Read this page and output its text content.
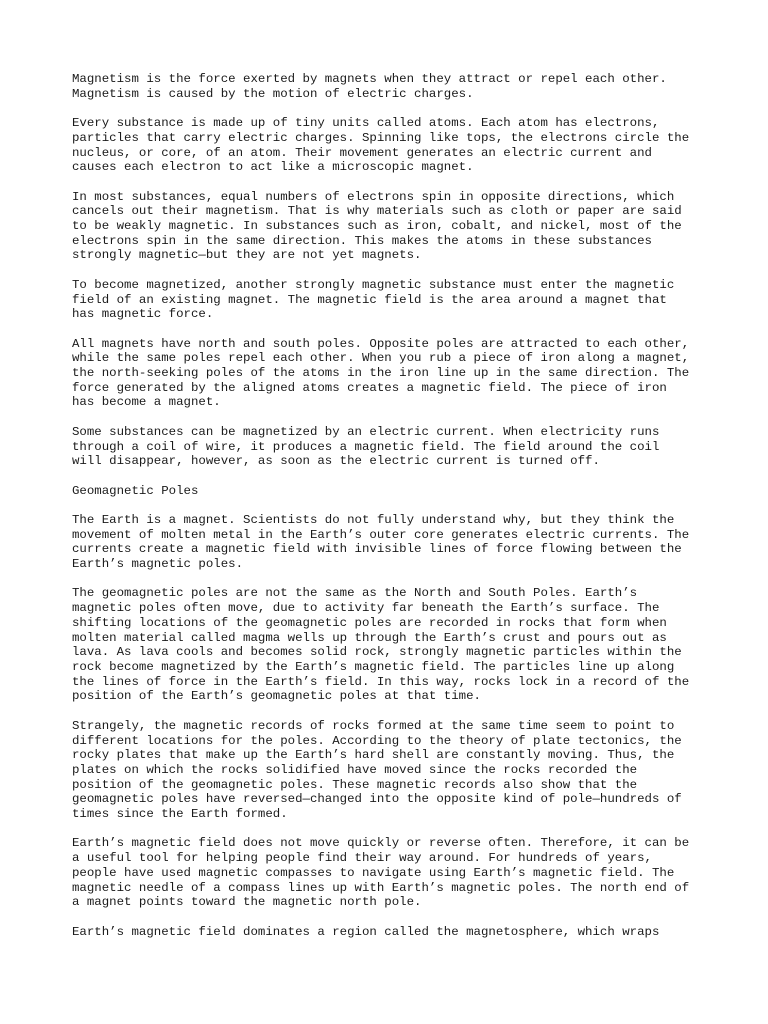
Magnetism is the force exerted by magnets when they attract or repel each other.
Magnetism is caused by the motion of electric charges.

Every substance is made up of tiny units called atoms. Each atom has electrons,
particles that carry electric charges. Spinning like tops, the electrons circle the
nucleus, or core, of an atom. Their movement generates an electric current and
causes each electron to act like a microscopic magnet.

In most substances, equal numbers of electrons spin in opposite directions, which
cancels out their magnetism. That is why materials such as cloth or paper are said
to be weakly magnetic. In substances such as iron, cobalt, and nickel, most of the
electrons spin in the same direction. This makes the atoms in these substances
strongly magnetic—but they are not yet magnets.

To become magnetized, another strongly magnetic substance must enter the magnetic
field of an existing magnet. The magnetic field is the area around a magnet that
has magnetic force.

All magnets have north and south poles. Opposite poles are attracted to each other,
while the same poles repel each other. When you rub a piece of iron along a magnet,
the north-seeking poles of the atoms in the iron line up in the same direction. The
force generated by the aligned atoms creates a magnetic field. The piece of iron
has become a magnet.

Some substances can be magnetized by an electric current. When electricity runs
through a coil of wire, it produces a magnetic field. The field around the coil
will disappear, however, as soon as the electric current is turned off.

Geomagnetic Poles

The Earth is a magnet. Scientists do not fully understand why, but they think the
movement of molten metal in the Earth’s outer core generates electric currents. The
currents create a magnetic field with invisible lines of force flowing between the
Earth’s magnetic poles.

The geomagnetic poles are not the same as the North and South Poles. Earth’s
magnetic poles often move, due to activity far beneath the Earth’s surface. The
shifting locations of the geomagnetic poles are recorded in rocks that form when
molten material called magma wells up through the Earth’s crust and pours out as
lava. As lava cools and becomes solid rock, strongly magnetic particles within the
rock become magnetized by the Earth’s magnetic field. The particles line up along
the lines of force in the Earth’s field. In this way, rocks lock in a record of the
position of the Earth’s geomagnetic poles at that time.

Strangely, the magnetic records of rocks formed at the same time seem to point to
different locations for the poles. According to the theory of plate tectonics, the
rocky plates that make up the Earth’s hard shell are constantly moving. Thus, the
plates on which the rocks solidified have moved since the rocks recorded the
position of the geomagnetic poles. These magnetic records also show that the
geomagnetic poles have reversed—changed into the opposite kind of pole—hundreds of
times since the Earth formed.

Earth’s magnetic field does not move quickly or reverse often. Therefore, it can be
a useful tool for helping people find their way around. For hundreds of years,
people have used magnetic compasses to navigate using Earth’s magnetic field. The
magnetic needle of a compass lines up with Earth’s magnetic poles. The north end of
a magnet points toward the magnetic north pole.

Earth’s magnetic field dominates a region called the magnetosphere, which wraps
